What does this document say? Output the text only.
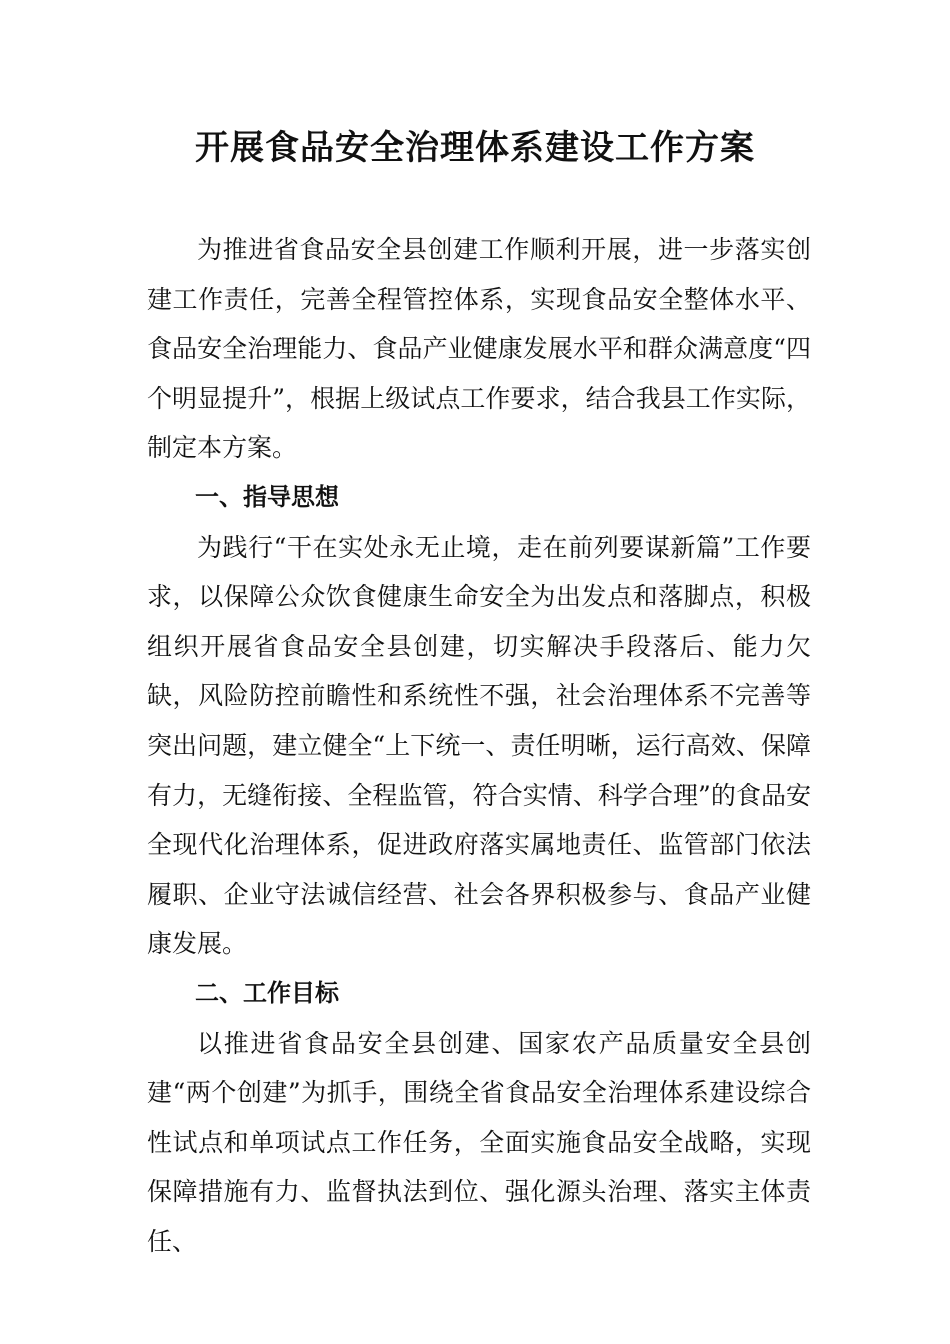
开展食品安全治理体系建设工作方案

为推进省食品安全县创建工作顺利开展，进一步落实创建工作责任，完善全程管控体系，实现食品安全整体水平、食品安全治理能力、食品产业健康发展水平和群众满意度“四个明显提升”，根据上级试点工作要求，结合我县工作实际，制定本方案。

一、指导思想

为践行“干在实处永无止境，走在前列要谋新篇”工作要求，以保障公众饮食健康生命安全为出发点和落脚点，积极组织开展省食品安全县创建，切实解决手段落后、能力欠缺，风险防控前瞻性和系统性不强，社会治理体系不完善等突出问题，建立健全“上下统一、责任明晰，运行高效、保障有力，无缝衔接、全程监管，符合实情、科学合理”的食品安全现代化治理体系，促进政府落实属地责任、监管部门依法履职、企业守法诚信经营、社会各界积极参与、食品产业健康发展。

二、工作目标

以推进省食品安全县创建、国家农产品质量安全县创建“两个创建”为抓手，围绕全省食品安全治理体系建设综合性试点和单项试点工作任务，全面实施食品安全战略，实现保障措施有力、监督执法到位、强化源头治理、落实主体责任、
